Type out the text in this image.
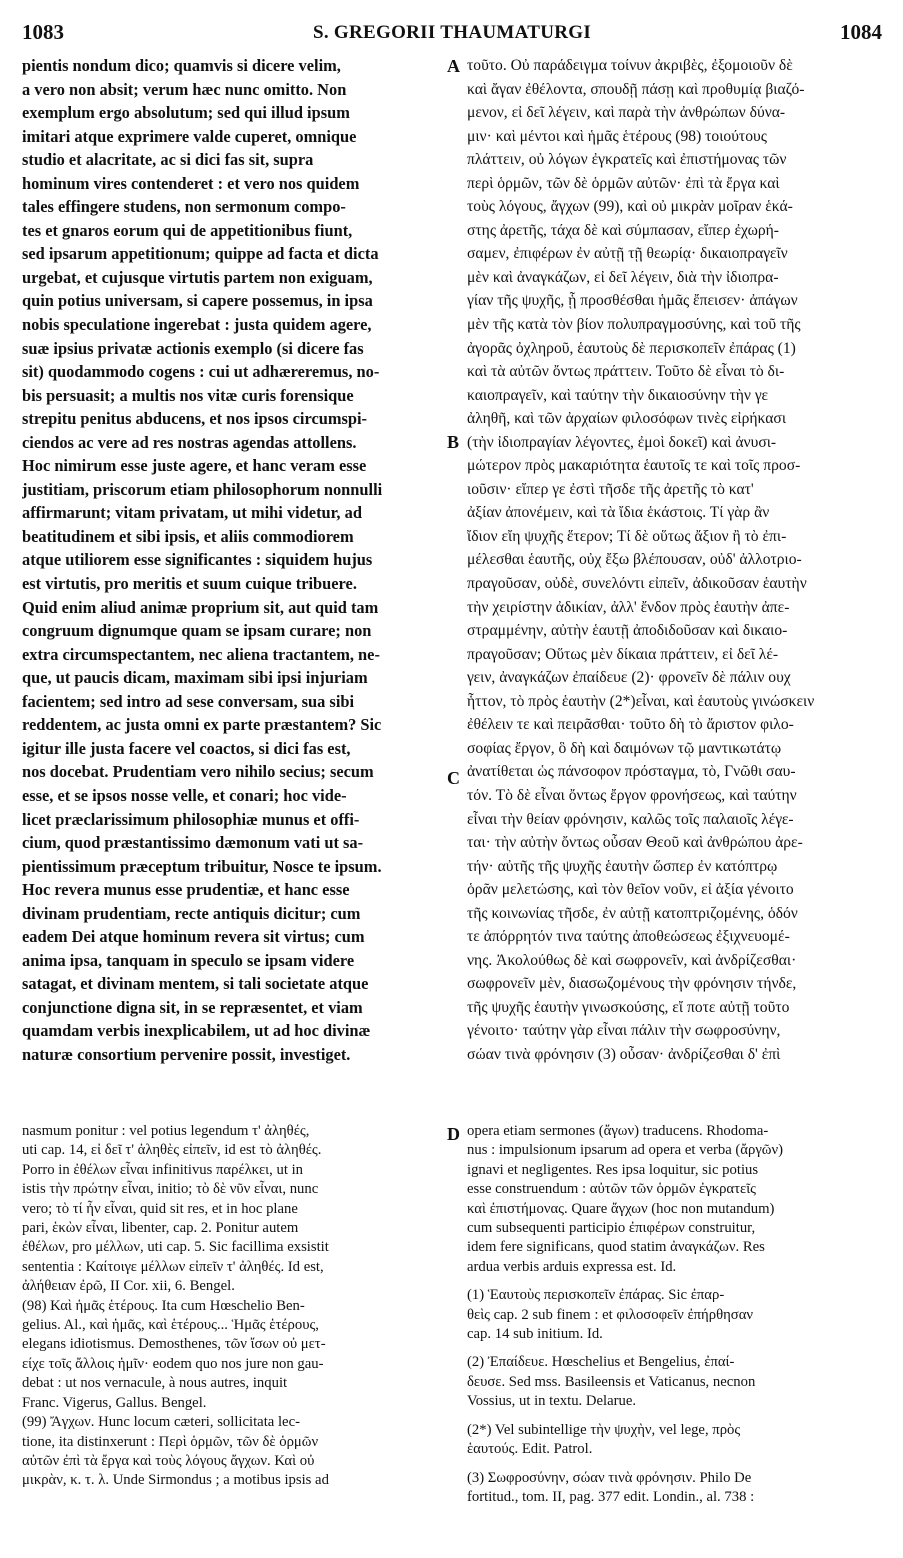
1083	S. GREGORII THAUMATURGI	1084
pientis nondum dico; quamvis si dicere velim,
a vero non absit; verum hæc nunc omitto. Non
exemplum ergo absolutum; sed qui illud ipsum
imitari atque exprimere valde cuperet, omnique
studio et alacritate, ac si dici fas sit, supra
hominum vires contenderet : et vero nos quidem
tales effingere studens, non sermonum compo-
tes et gnaros eorum qui de appetitionibus fiunt,
sed ipsarum appetitionum; quippe ad facta et dicta
urgebat, et cujusque virtutis partem non exiguam,
quin potius universam, si capere possemus, in ipsa
nobis speculatione ingerebat : justa quidem agere,
suæ ipsius privatæ actionis exemplo (si dicere fas
sit) quodammodo cogens : cui ut adhæreremus, no-
bis persuasit; a multis nos vitæ curis forensique
strepitu penitus abducens, et nos ipsos circumspi-
ciendos ac vere ad res nostras agendas attollens.
Hoc nimirum esse juste agere, et hanc veram esse
justitiam, priscorum etiam philosophorum nonnulli
affirmarunt; vitam privatam, ut mihi videtur, ad
beatitudinem et sibi ipsis, et aliis commodiorem
atque utiliorem esse significantes : siquidem hujus
est virtutis, pro meritis et suum cuique tribuere.
Quid enim aliud animæ proprium sit, aut quid tam
congruum dignumque quam se ipsam curare; non
extra circumspectantem, nec aliena tractantem, ne-
que, ut paucis dicam, maximam sibi ipsi injuriam
facientem; sed intro ad sese conversam, sua sibi
reddentem, ac justa omni ex parte præstantem? Sic
igitur ille justa facere vel coactos, si dici fas est,
nos docebat. Prudentiam vero nihilo secius; secum
esse, et se ipsos nosse velle, et conari; hoc vide-
licet præclarissimum philosophiæ munus et offi-
cium, quod præstantissimo dæmonum vati ut sa-
pientissimum præceptum tribuitur, Nosce te ipsum.
Hoc revera munus esse prudentiæ, et hanc esse
divinam prudentiam, recte antiquis dicitur; cum
eadem Dei atque hominum revera sit virtus; cum
anima ipsa, tanquam in speculo se ipsam videre
satagat, et divinam mentem, si tali societate atque
conjunctione digna sit, in se repræsentet, et viam
quamdam verbis inexplicabilem, ut ad hoc divinæ
naturæ consortium pervenire possit, investiget.
τοῦτο. Οὐ παράδειγμα τοίνυν ἀκριβὲς, ἐξομοιοῦν δὲ
καὶ ἄγαν ἐθέλοντα, σπουδῇ πάσῃ καὶ προθυμίᾳ βιαζό-
μενον, εἰ δεῖ λέγειν, καὶ παρὰ τὴν ἀνθρώπων δύνα-
μιν· καὶ μέντοι καὶ ἡμᾶς ἑτέρους (98) τοιούτους
πλάττειν, οὐ λόγων ἐγκρατεῖς καὶ ἐπιστήμονας τῶν
περὶ ὁρμῶν, τῶν δὲ ὁρμῶν αὐτῶν· ἐπὶ τὰ ἔργα καὶ
τοὺς λόγους, ἄγχων (99), καὶ οὐ μικρὰν μοῖραν ἑκά-
στης ἀρετῆς, τάχα δὲ καὶ σύμπασαν, εἴπερ ἐχωρή-
σαμεν, ἐπιφέρων ἐν αὐτῇ τῇ θεωρίᾳ· δικαιοπραγεῖν
μὲν καὶ ἀναγκάζων, εἰ δεῖ λέγειν, διὰ τὴν ἰδιοπρα-
γίαν τῆς ψυχῆς, ᾗ προσθέσθαι ἡμᾶς ἔπεισεν· ἀπάγων
μὲν τῆς κατὰ τὸν βίον πολυπραγμοσύνης, καὶ τοῦ τῆς
ἀγορᾶς ὀχληροῦ, ἑαυτοὺς δὲ περισκοπεῖν ἐπάρας (1)
καὶ τὰ αὐτῶν ὄντως πράττειν. Τοῦτο δὲ εἶναι τὸ δι-
καιοπραγεῖν, καὶ ταύτην τὴν δικαιοσύνην τὴν γε
ἀληθῆ, καὶ τῶν ἀρχαίων φιλοσόφων τινὲς εἰρήκασι
(τὴν ἰδιοπραγίαν λέγοντες, ἐμοὶ δοκεῖ) καὶ ἀνυσι-
μώτερον πρὸς μακαριότητα ἑαυτοῖς τε καὶ τοῖς προσ-
ιοῦσιν· εἴπερ γε ἐστὶ τῆσδε τῆς ἀρετῆς τὸ κατ'
ἀξίαν ἀπονέμειν, καὶ τὰ ἴδια ἑκάστοις. Τί γὰρ ἂν
ἴδιον εἴη ψυχῆς ἕτερον; Τί δὲ οὕτως ἄξιον ἢ τὸ ἐπι-
μέλεσθαι ἑαυτῆς, οὐχ ἔξω βλέπουσαν, οὐδ' ἀλλοτριο-
πραγοῦσαν, οὐδὲ, συνελόντι εἰπεῖν, ἀδικοῦσαν ἑαυτὴν
τὴν χειρίστην ἀδικίαν, ἀλλ' ἔνδον πρὸς ἑαυτὴν ἀπε-
στραμμένην, αὐτὴν ἑαυτῇ ἀποδιδοῦσαν καὶ δικαιο-
πραγοῦσαν; Οὕτως μὲν δίκαια πράττειν, εἰ δεῖ λέ-
γειν, ἀναγκάζων ἐπαίδευε (2)· φρονεῖν δὲ πάλιν ουχ
ἧττον, τὸ πρὸς ἑαυτὴν (2*)εἶναι, καὶ ἑαυτοὺς γινώσκειν
ἐθέλειν τε καὶ πειρᾶσθαι· τοῦτο δὴ τὸ ἄριστον φιλο-
σοφίας ἔργον, ὃ δὴ καὶ δαιμόνων τῷ μαντικωτάτῳ
ἀνατίθεται ὡς πάνσοφον πρόσταγμα, τὸ, Γνῶθι σαυ-
τόν. Τὸ δὲ εἶναι ὄντως ἔργον φρονήσεως, καὶ ταύτην
εἶναι τὴν θείαν φρόνησιν, καλῶς τοῖς παλαιοῖς λέγε-
ται· τὴν αὐτὴν ὄντως οὖσαν Θεοῦ καὶ ἀνθρώπου ἀρε-
τήν· αὐτῆς τῆς ψυχῆς ἑαυτὴν ὥσπερ ἐν κατόπτρῳ
ὁρᾶν μελετώσης, καὶ τὸν θεῖον νοῦν, εἰ ἀξία γένοιτο
τῆς κοινωνίας τῆσδε, ἐν αὐτῇ κατοπτριζομένης, ὁδόν
τε ἀπόρρητόν τινα ταύτης ἀποθεώσεως ἐξιχνευομέ-
νης. Ἀκολούθως δὲ καὶ σωφρονεῖν, καὶ ἀνδρίζεσθαι·
σωφρονεῖν μὲν, διασωζομένους τὴν φρόνησιν τήνδε,
τῆς ψυχῆς ἑαυτὴν γινωσκούσης, εἴ ποτε αὐτῇ τοῦτο
γένοιτο· ταύτην γὰρ εἶναι πάλιν τὴν σωφροσύνην,
σώαν τινὰ φρόνησιν (3) οὖσαν· ἀνδρίζεσθαι δ' ἐπὶ
A
B
C
D
nasmum ponitur : vel potius legendum τ' ἀληθές,
uti cap. 14, εἰ δεῖ τ' ἀληθὲς εἰπεῖν, id est τὸ ἀληθές.
Porro in ἐθέλων εἶναι infinitivus παρέλκει, ut in
istis τὴν πρώτην εἶναι, initio; τὸ δὲ νῦν εἶναι, nunc
vero; τὸ τί ἦν εἶναι, quid sit res, et in hoc plane
pari, ἑκὼν εἶναι, libenter, cap. 2. Ponitur autem
ἐθέλων, pro μέλλων, uti cap. 5. Sic facillima exsistit
sententia : Καίτοιγε μέλλων εἰπεῖν τ' ἀληθές. Id est,
ἀλήθειαν ἐρῶ, II Cor. xii, 6. Bengel.
(98) Καὶ ἡμᾶς ἑτέρους. Ita cum Hœschelio Ben-
gelius. Al., καὶ ἡμᾶς, καὶ ἑτέρους... Ἡμᾶς ἑτέρους,
elegans idiotismus. Demosthenes, τῶν ἴσων οὐ μετ-
είχε τοῖς ἄλλοις ἡμῖν· eodem quo nos jure non gau-
debat : ut nos vernacule, à nous autres, inquit
Franc. Vigerus, Gallus. Bengel.
(99) Ἄγχων. Hunc locum cæteri, sollicitata lec-
tione, ita distinxerunt : Περὶ ὁρμῶν, τῶν δὲ ὁρμῶν
αὐτῶν ἐπὶ τὰ ἔργα καὶ τοὺς λόγους ἄγχων. Καὶ οὐ
μικρὰν, κ. τ. λ. Unde Sirmondus ; a motibus ipsis ad
opera etiam sermones (ἄγων) traducens. Rhodoma-
nus : impulsionum ipsarum ad opera et verba (ἄργῶν)
ignavi et negligentes. Res ipsa loquitur, sic potius
esse construendum : αὐτῶν τῶν ὁρμῶν ἐγκρατεῖς
καὶ ἐπιστήμονας. Quare ἄγχων (hoc non mutandum)
cum subsequenti participio ἐπιφέρων construitur,
idem fere significans, quod statim ἀναγκάζων. Res
ardua verbis arduis expressa est. Id.
(1) Ἑαυτοὺς περισκοπεῖν ἐπάρας. Sic ἐπαρ-
θεὶς cap. 2 sub finem : et φιλοσοφεῖν ἐπήρθησαν
cap. 14 sub initium. Id.
(2) Ἐπαίδευε. Hœschelius et Bengelius, ἐπαί-
δευσε. Sed mss. Basileensis et Vaticanus, necnon
Vossius, ut in textu. Delarue.
(2*) Vel subintellige τὴν ψυχὴν, vel lege, πρὸς
ἑαυτούς. Edit. Patrol.
(3) Σωφροσύνην, σώαν τινὰ φρόνησιν. Philo De
fortitud., tom. II, pag. 377 edit. Londin., al. 738 :
